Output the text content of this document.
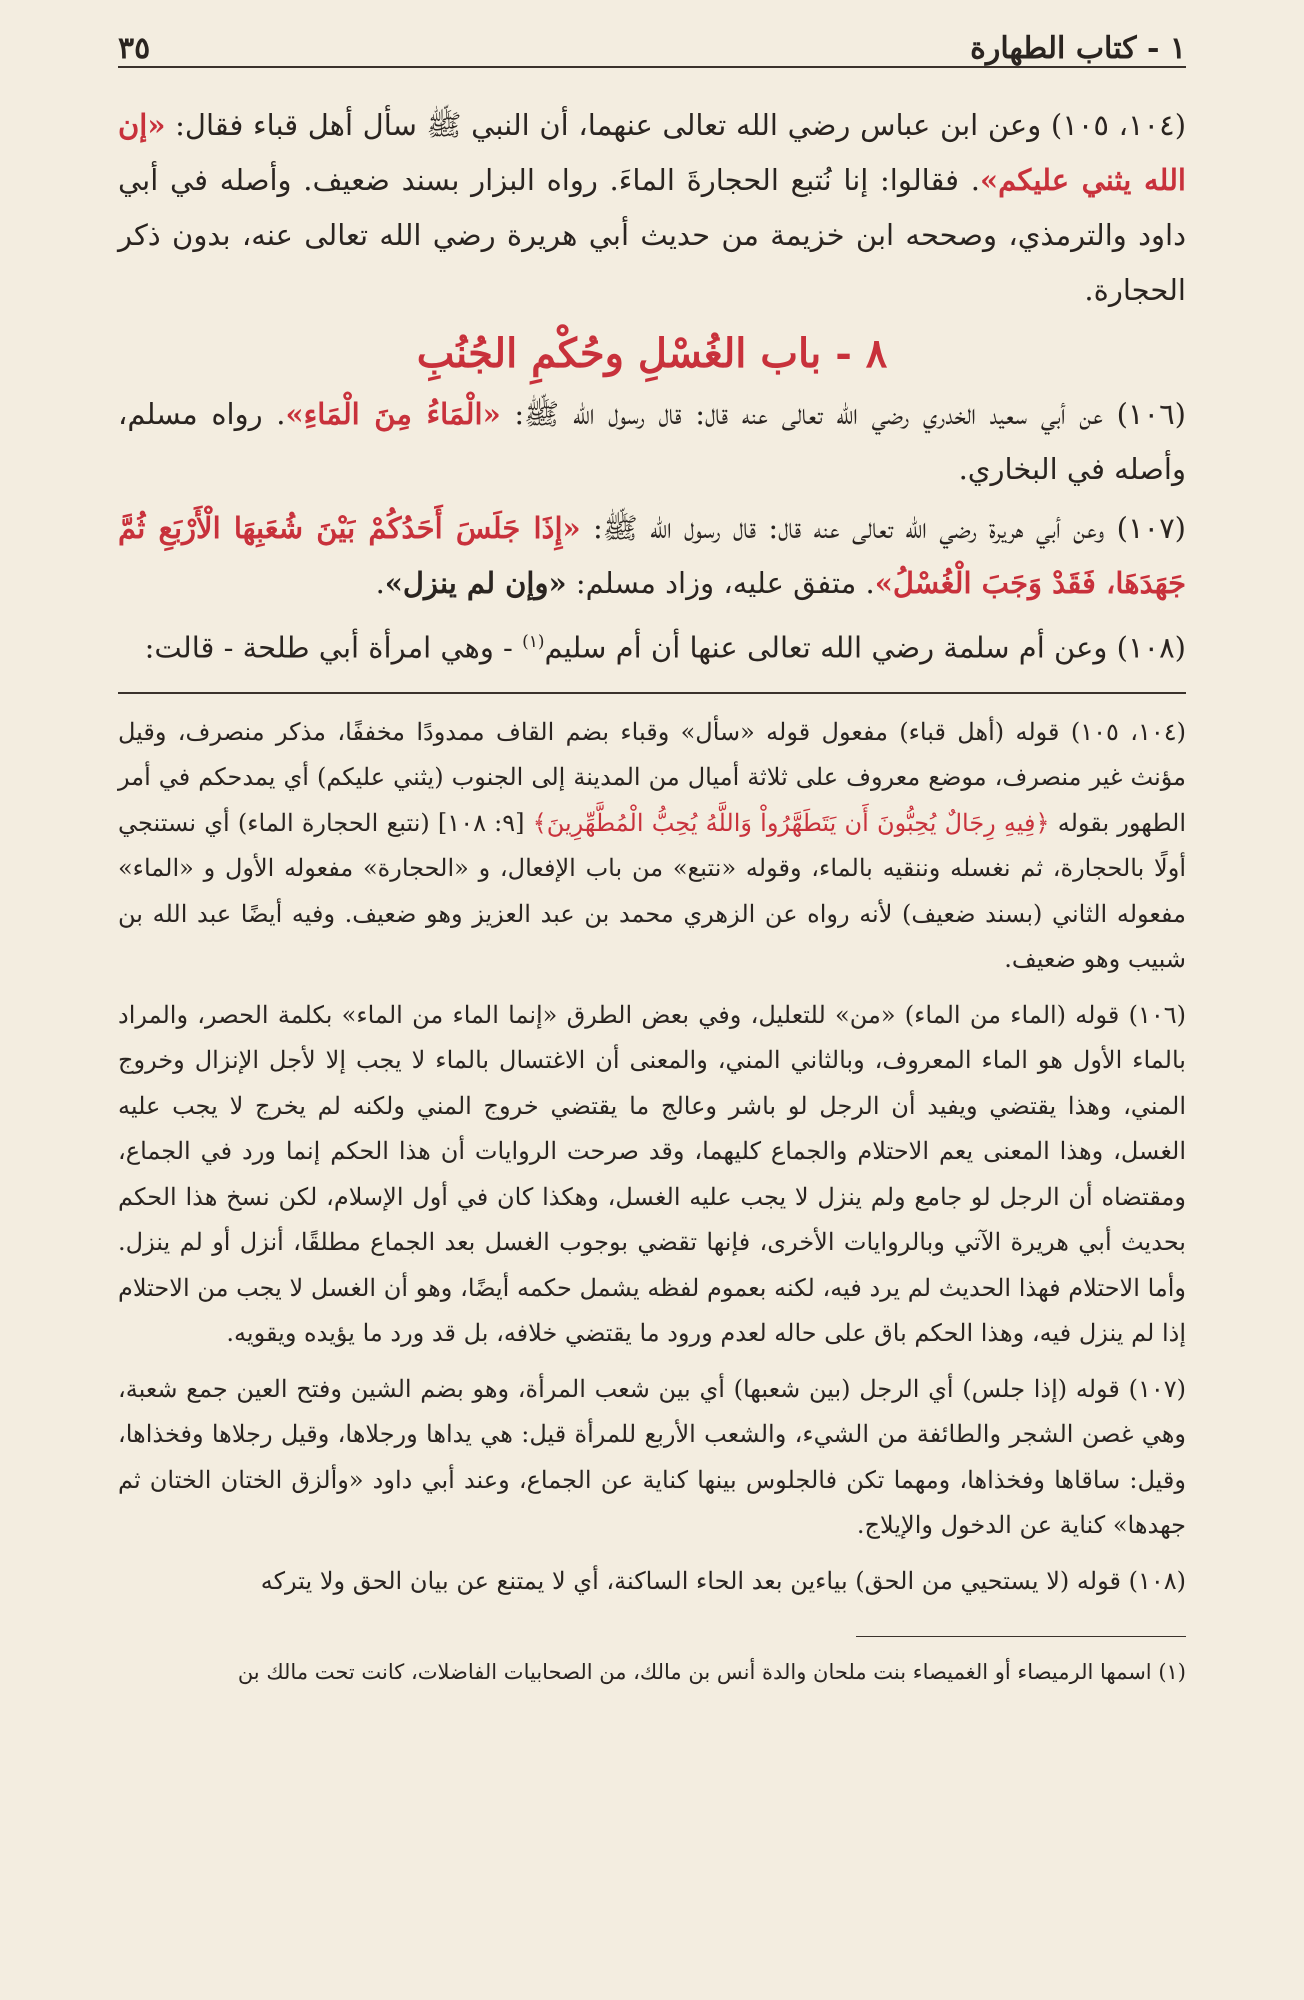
١ - كتاب الطهارة
٣٥

(١٠٤، ١٠٥) وعن ابن عباس رضي الله تعالى عنهما، أن النبي ﷺ سأل أهل قباء فقال: «إن الله يثني عليكم». فقالوا: إنا نُتبع الحجارةَ الماءَ. رواه البزار بسند ضعيف. وأصله في أبي داود والترمذي، وصححه ابن خزيمة من حديث أبي هريرة رضي الله تعالى عنه، بدون ذكر الحجارة.

٨ - باب الغُسْلِ وحُكْمِ الجُنُبِ

(١٠٦) عن أبي سعيد الخدري رضي الله تعالى عنه قال: قال رسول الله ﷺ: «الْمَاءُ مِنَ الْمَاءِ». رواه مسلم، وأصله في البخاري.

(١٠٧) وعن أبي هريرة رضي الله تعالى عنه قال: قال رسول الله ﷺ: «إِذَا جَلَسَ أَحَدُكُمْ بَيْنَ شُعَبِهَا الْأَرْبَعِ ثُمَّ جَهَدَهَا، فَقَدْ وَجَبَ الْغُسْلُ». متفق عليه، وزاد مسلم: «وإن لم ينزل».

(١٠٨) وعن أم سلمة رضي الله تعالى عنها أن أم سليم$^{(١)}$ - وهي امرأة أبي طلحة - قالت:

(١٠٤، ١٠٥) قوله (أهل قباء) مفعول قوله «سأل» وقباء بضم القاف ممدودًا مخففًا، مذكر منصرف، وقيل مؤنث غير منصرف، موضع معروف على ثلاثة أميال من المدينة إلى الجنوب (يثني عليكم) أي يمدحكم في أمر الطهور بقوله ﴿فِيهِ رِجَالٌ يُحِبُّونَ أَن يَتَطَهَّرُواْ وَاللَّهُ يُحِبُّ الْمُطَّهِّرِينَ﴾ [٩: ١٠٨] (نتبع الحجارة الماء) أي نستنجي أولًا بالحجارة، ثم نغسله وننقيه بالماء، وقوله «نتبع» من باب الإفعال، و «الحجارة» مفعوله الأول و «الماء» مفعوله الثاني (بسند ضعيف) لأنه رواه عن الزهري محمد بن عبد العزيز وهو ضعيف. وفيه أيضًا عبد الله بن شبيب وهو ضعيف.

(١٠٦) قوله (الماء من الماء) «من» للتعليل، وفي بعض الطرق «إنما الماء من الماء» بكلمة الحصر، والمراد بالماء الأول هو الماء المعروف، وبالثاني المني، والمعنى أن الاغتسال بالماء لا يجب إلا لأجل الإنزال وخروج المني، وهذا يقتضي ويفيد أن الرجل لو باشر وعالج ما يقتضي خروج المني ولكنه لم يخرج لا يجب عليه الغسل، وهذا المعنى يعم الاحتلام والجماع كليهما، وقد صرحت الروايات أن هذا الحكم إنما ورد في الجماع، ومقتضاه أن الرجل لو جامع ولم ينزل لا يجب عليه الغسل، وهكذا كان في أول الإسلام، لكن نسخ هذا الحكم بحديث أبي هريرة الآتي وبالروايات الأخرى، فإنها تقضي بوجوب الغسل بعد الجماع مطلقًا، أنزل أو لم ينزل. وأما الاحتلام فهذا الحديث لم يرد فيه، لكنه بعموم لفظه يشمل حكمه أيضًا، وهو أن الغسل لا يجب من الاحتلام إذا لم ينزل فيه، وهذا الحكم باق على حاله لعدم ورود ما يقتضي خلافه، بل قد ورد ما يؤيده ويقويه.

(١٠٧) قوله (إذا جلس) أي الرجل (بين شعبها) أي بين شعب المرأة، وهو بضم الشين وفتح العين جمع شعبة، وهي غصن الشجر والطائفة من الشيء، والشعب الأربع للمرأة قيل: هي يداها ورجلاها، وقيل رجلاها وفخذاها، وقيل: ساقاها وفخذاها، ومهما تكن فالجلوس بينها كناية عن الجماع، وعند أبي داود «وألزق الختان الختان ثم جهدها» كناية عن الدخول والإيلاج.

(١٠٨) قوله (لا يستحيي من الحق) بياءين بعد الحاء الساكنة، أي لا يمتنع عن بيان الحق ولا يتركه

(١) اسمها الرميصاء أو الغميصاء بنت ملحان والدة أنس بن مالك، من الصحابيات الفاضلات، كانت تحت مالك بن
